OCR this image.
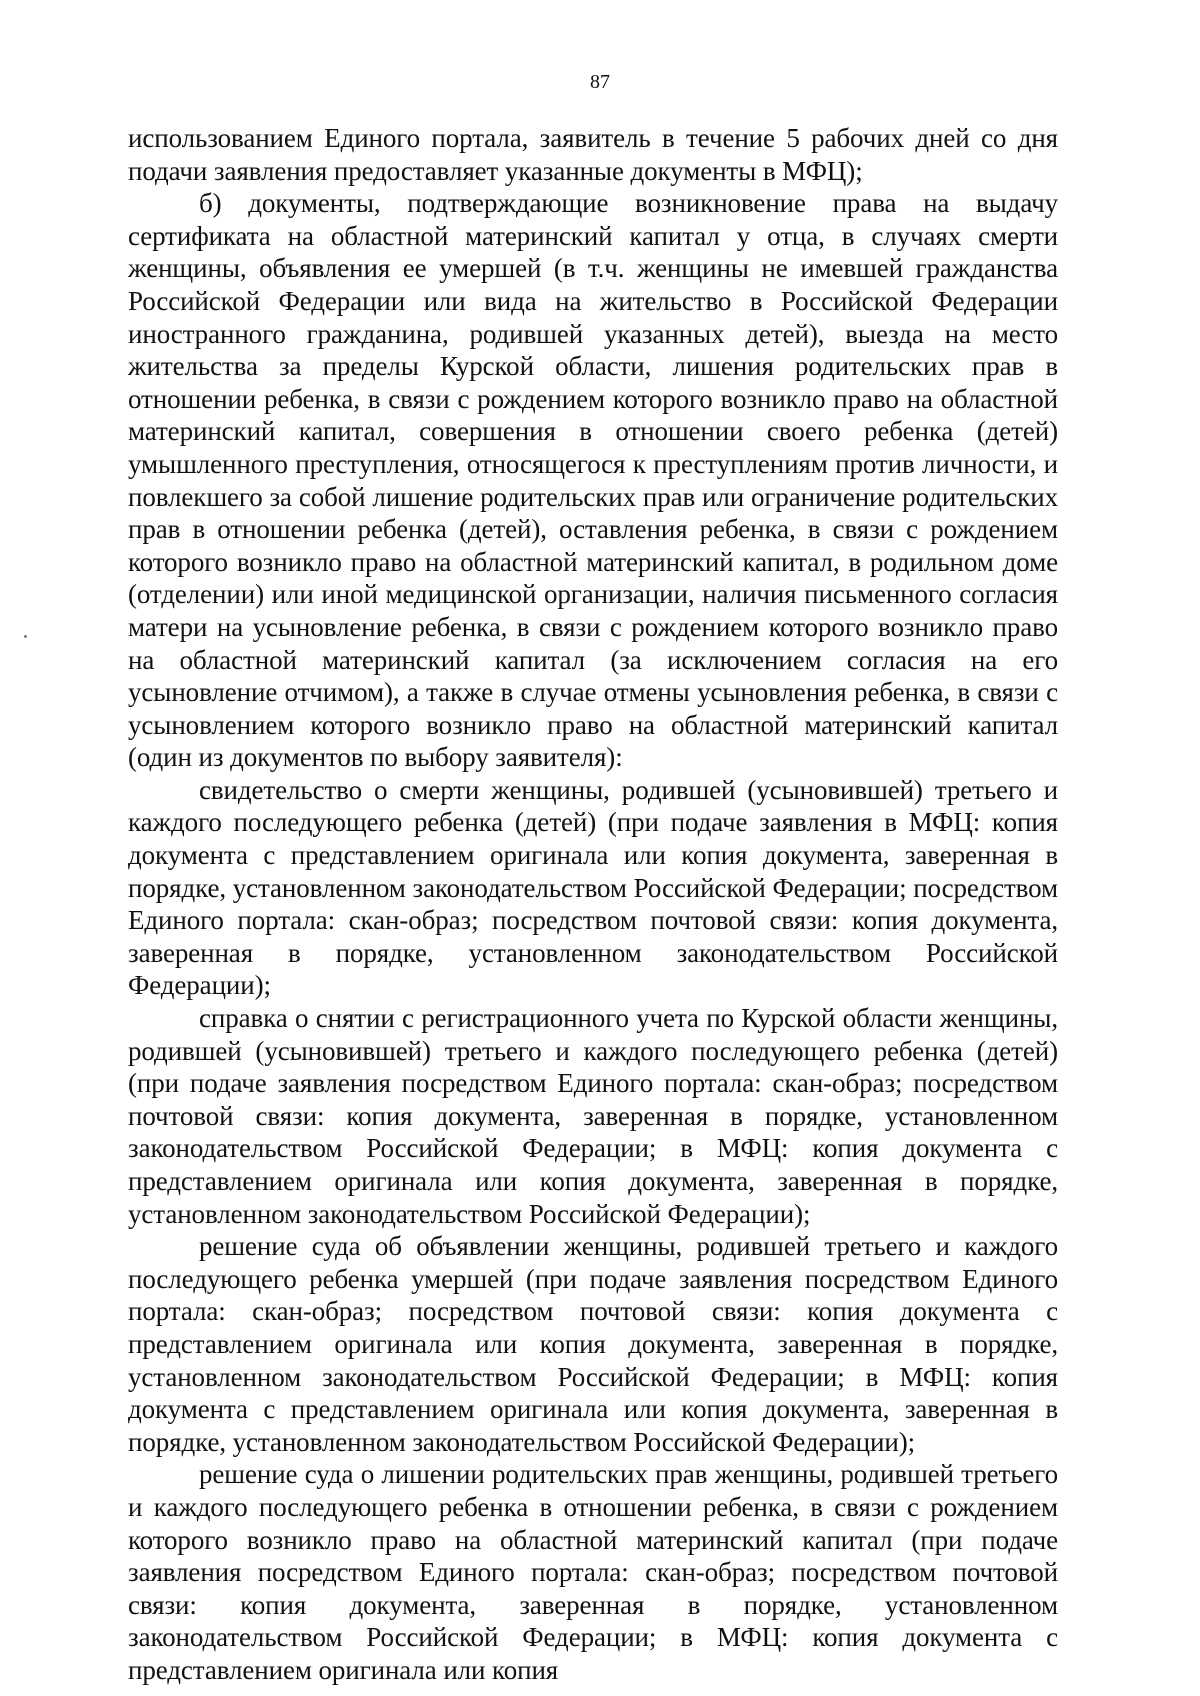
87

использованием Единого портала, заявитель в течение 5 рабочих дней со дня подачи заявления предоставляет указанные документы в МФЦ);

б) документы, подтверждающие возникновение права на выдачу сертификата на областной материнский капитал у отца, в случаях смерти женщины, объявления ее умершей (в т.ч. женщины не имевшей гражданства Российской Федерации или вида на жительство в Российской Федерации иностранного гражданина, родившей указанных детей), выезда на место жительства за пределы Курской области, лишения родительских прав в отношении ребенка, в связи с рождением которого возникло право на областной материнский капитал, совершения в отношении своего ребенка (детей) умышленного преступления, относящегося к преступлениям против личности, и повлекшего за собой лишение родительских прав или ограничение родительских прав в отношении ребенка (детей), оставления ребенка, в связи с рождением которого возникло право на областной материнский капитал, в родильном доме (отделении) или иной медицинской организации, наличия письменного согласия матери на усыновление ребенка, в связи с рождением которого возникло право на областной материнский капитал (за исключением согласия на его усыновление отчимом), а также в случае отмены усыновления ребенка, в связи с усыновлением которого возникло право на областной материнский капитал (один из документов по выбору заявителя):

свидетельство о смерти женщины, родившей (усыновившей) третьего и каждого последующего ребенка (детей) (при подаче заявления в МФЦ: копия документа с представлением оригинала или копия документа, заверенная в порядке, установленном законодательством Российской Федерации; посредством Единого портала: скан-образ; посредством почтовой связи: копия документа, заверенная в порядке, установленном законодательством Российской Федерации);

справка о снятии с регистрационного учета по Курской области женщины, родившей (усыновившей) третьего и каждого последующего ребенка (детей) (при подаче заявления посредством Единого портала: скан-образ; посредством почтовой связи: копия документа, заверенная в порядке, установленном законодательством Российской Федерации; в МФЦ: копия документа с представлением оригинала или копия документа, заверенная в порядке, установленном законодательством Российской Федерации);

решение суда об объявлении женщины, родившей третьего и каждого последующего ребенка умершей (при подаче заявления посредством Единого портала: скан-образ; посредством почтовой связи: копия документа с представлением оригинала или копия документа, заверенная в порядке, установленном законодательством Российской Федерации; в МФЦ: копия документа с представлением оригинала или копия документа, заверенная в порядке, установленном законодательством Российской Федерации);

решение суда о лишении родительских прав женщины, родившей третьего и каждого последующего ребенка в отношении ребенка, в связи с рождением которого возникло право на областной материнский капитал (при подаче заявления посредством Единого портала: скан-образ; посредством почтовой связи: копия документа, заверенная в порядке, установленном законодательством Российской Федерации; в МФЦ: копия документа с представлением оригинала или копия
